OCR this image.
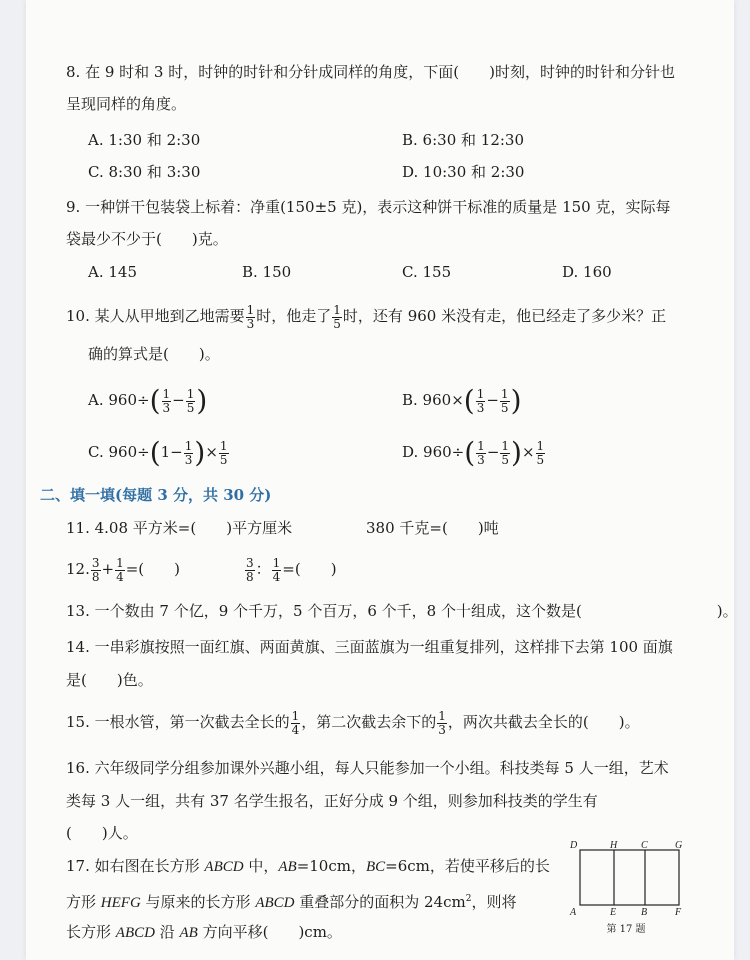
8. 在 9 时和 3 时，时钟的时针和分针成同样的角度，下面(　　)时刻，时钟的时针和分针也
呈现同样的角度。
A. 1:30 和 2:30	B. 6:30 和 12:30
C. 8:30 和 3:30	D. 10:30 和 2:30
9. 一种饼干包装袋上标着：净重(150±5 克)，表示这种饼干标准的质量是 150 克，实际每
袋最少不少于(　　)克。
A. 145	B. 150	C. 155	D. 160
10. 某人从甲地到乙地需要 $\frac{1}{3}$ 时，他走了 $\frac{1}{5}$ 时，还有 960 米没有走，他已经走了多少米？正
确的算式是(　　)。
A. $960\div( \frac{1}{3} - \frac{1}{5}$ )	B. $960\times( \frac{1}{3} - \frac{1}{5}$ )
C. $960\div(1- \frac{1}{3}$ )× $\frac{1}{5}$	D. $960\div( \frac{1}{3} - \frac{1}{5}$ )× $\frac{1}{5}$
二、填一填(每题 3 分，共 30 分)
11. 4.08 平方米=(　　)平方厘米	380 千克=(　　)吨
12. $\frac{3}{8} + \frac{1}{4}$ =(　　)	$\frac{3}{8}$ ： $\frac{1}{4}$ =(　　)
13. 一个数由 7 个亿，9 个千万，5 个百万，6 个千，8 个十组成，这个数是(　　　　　　　　　)。
14. 一串彩旗按照一面红旗、两面黄旗、三面蓝旗为一组重复排列，这样排下去第 100 面旗
是(　　)色。
15. 一根水管，第一次截去全长的 $\frac{1}{4}$ ，第二次截去余下的 $\frac{1}{3}$ ，两次共截去全长的(　　)。
16. 六年级同学分组参加课外兴趣小组，每人只能参加一个小组。科技类每 5 人一组，艺术
类每 3 人一组，共有 37 名学生报名，正好分成 9 个组，则参加科技类的学生有
(　　)人。
17. 如右图在长方形 ABCD 中，AB=10cm，BC=6cm，若使平移后的长
方形 HEFG 与原来的长方形 ABCD 重叠部分的面积为 $24cm^2$，则将
长方形 ABCD 沿 AB 方向平移(　　)cm。
D	H C	G
A	E B	F
第 17 题
